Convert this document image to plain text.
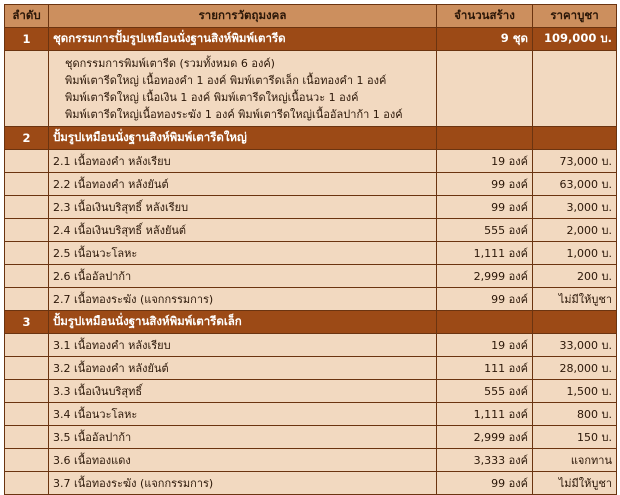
ลำดับ	รายการวัตถุมงคล	จำนวนสร้าง	ราคาบูชา
1	ชุดกรรมการปั้มรูปเหมือนนั่งฐานสิงห์พิมพ์เตารีด	9 ชุด	109,000 บ.

	ชุดกรรมการพิมพ์เตารีด (รวมทั้งหมด 6 องค์)
พิมพ์เตารีดใหญ่ เนื้อทองคำ 1 องค์ พิมพ์เตารีดเล็ก เนื้อทองคำ 1 องค์
พิมพ์เตารีดใหญ่ เนื้อเงิน 1 องค์ พิมพ์เตารีดใหญ่เนื้อนวะ 1 องค์
พิมพ์เตารีดใหญ่เนื้อทองระฆัง 1 องค์ พิมพ์เตารีดใหญ่เนื้ออัลปาก้า 1 องค์		

2	ปั้มรูปเหมือนนั่งฐานสิงห์พิมพ์เตารีดใหญ่		
	2.1 เนื้อทองคำ หลังเรียบ	19 องค์	73,000 บ.
	2.2 เนื้อทองคำ หลังยันต์	99 องค์	63,000 บ.
	2.3 เนื้อเงินบริสุทธิ์ หลังเรียบ	99 องค์	3,000 บ.
	2.4 เนื้อเงินบริสุทธิ์ หลังยันต์	555 องค์	2,000 บ.
	2.5 เนื้อนวะโลหะ	1,111 องค์	1,000 บ.
	2.6 เนื้ออัลปาก้า	2,999 องค์	200 บ.
	2.7 เนื้อทองระฆัง (แจกกรรมการ)	99 องค์	ไม่มีให้บูชา
3	ปั้มรูปเหมือนนั่งฐานสิงห์พิมพ์เตารีดเล็ก		
	3.1 เนื้อทองคำ หลังเรียบ	19 องค์	33,000 บ.
	3.2 เนื้อทองคำ หลังยันต์	111 องค์	28,000 บ.
	3.3 เนื้อเงินบริสุทธิ์	555 องค์	1,500 บ.
	3.4 เนื้อนวะโลหะ	1,111 องค์	800 บ.
	3.5 เนื้ออัลปาก้า	2,999 องค์	150 บ.
	3.6 เนื้อทองแดง	3,333 องค์	แจกทาน
	3.7 เนื้อทองระฆัง (แจกกรรมการ)	99 องค์	ไม่มีให้บูชา
